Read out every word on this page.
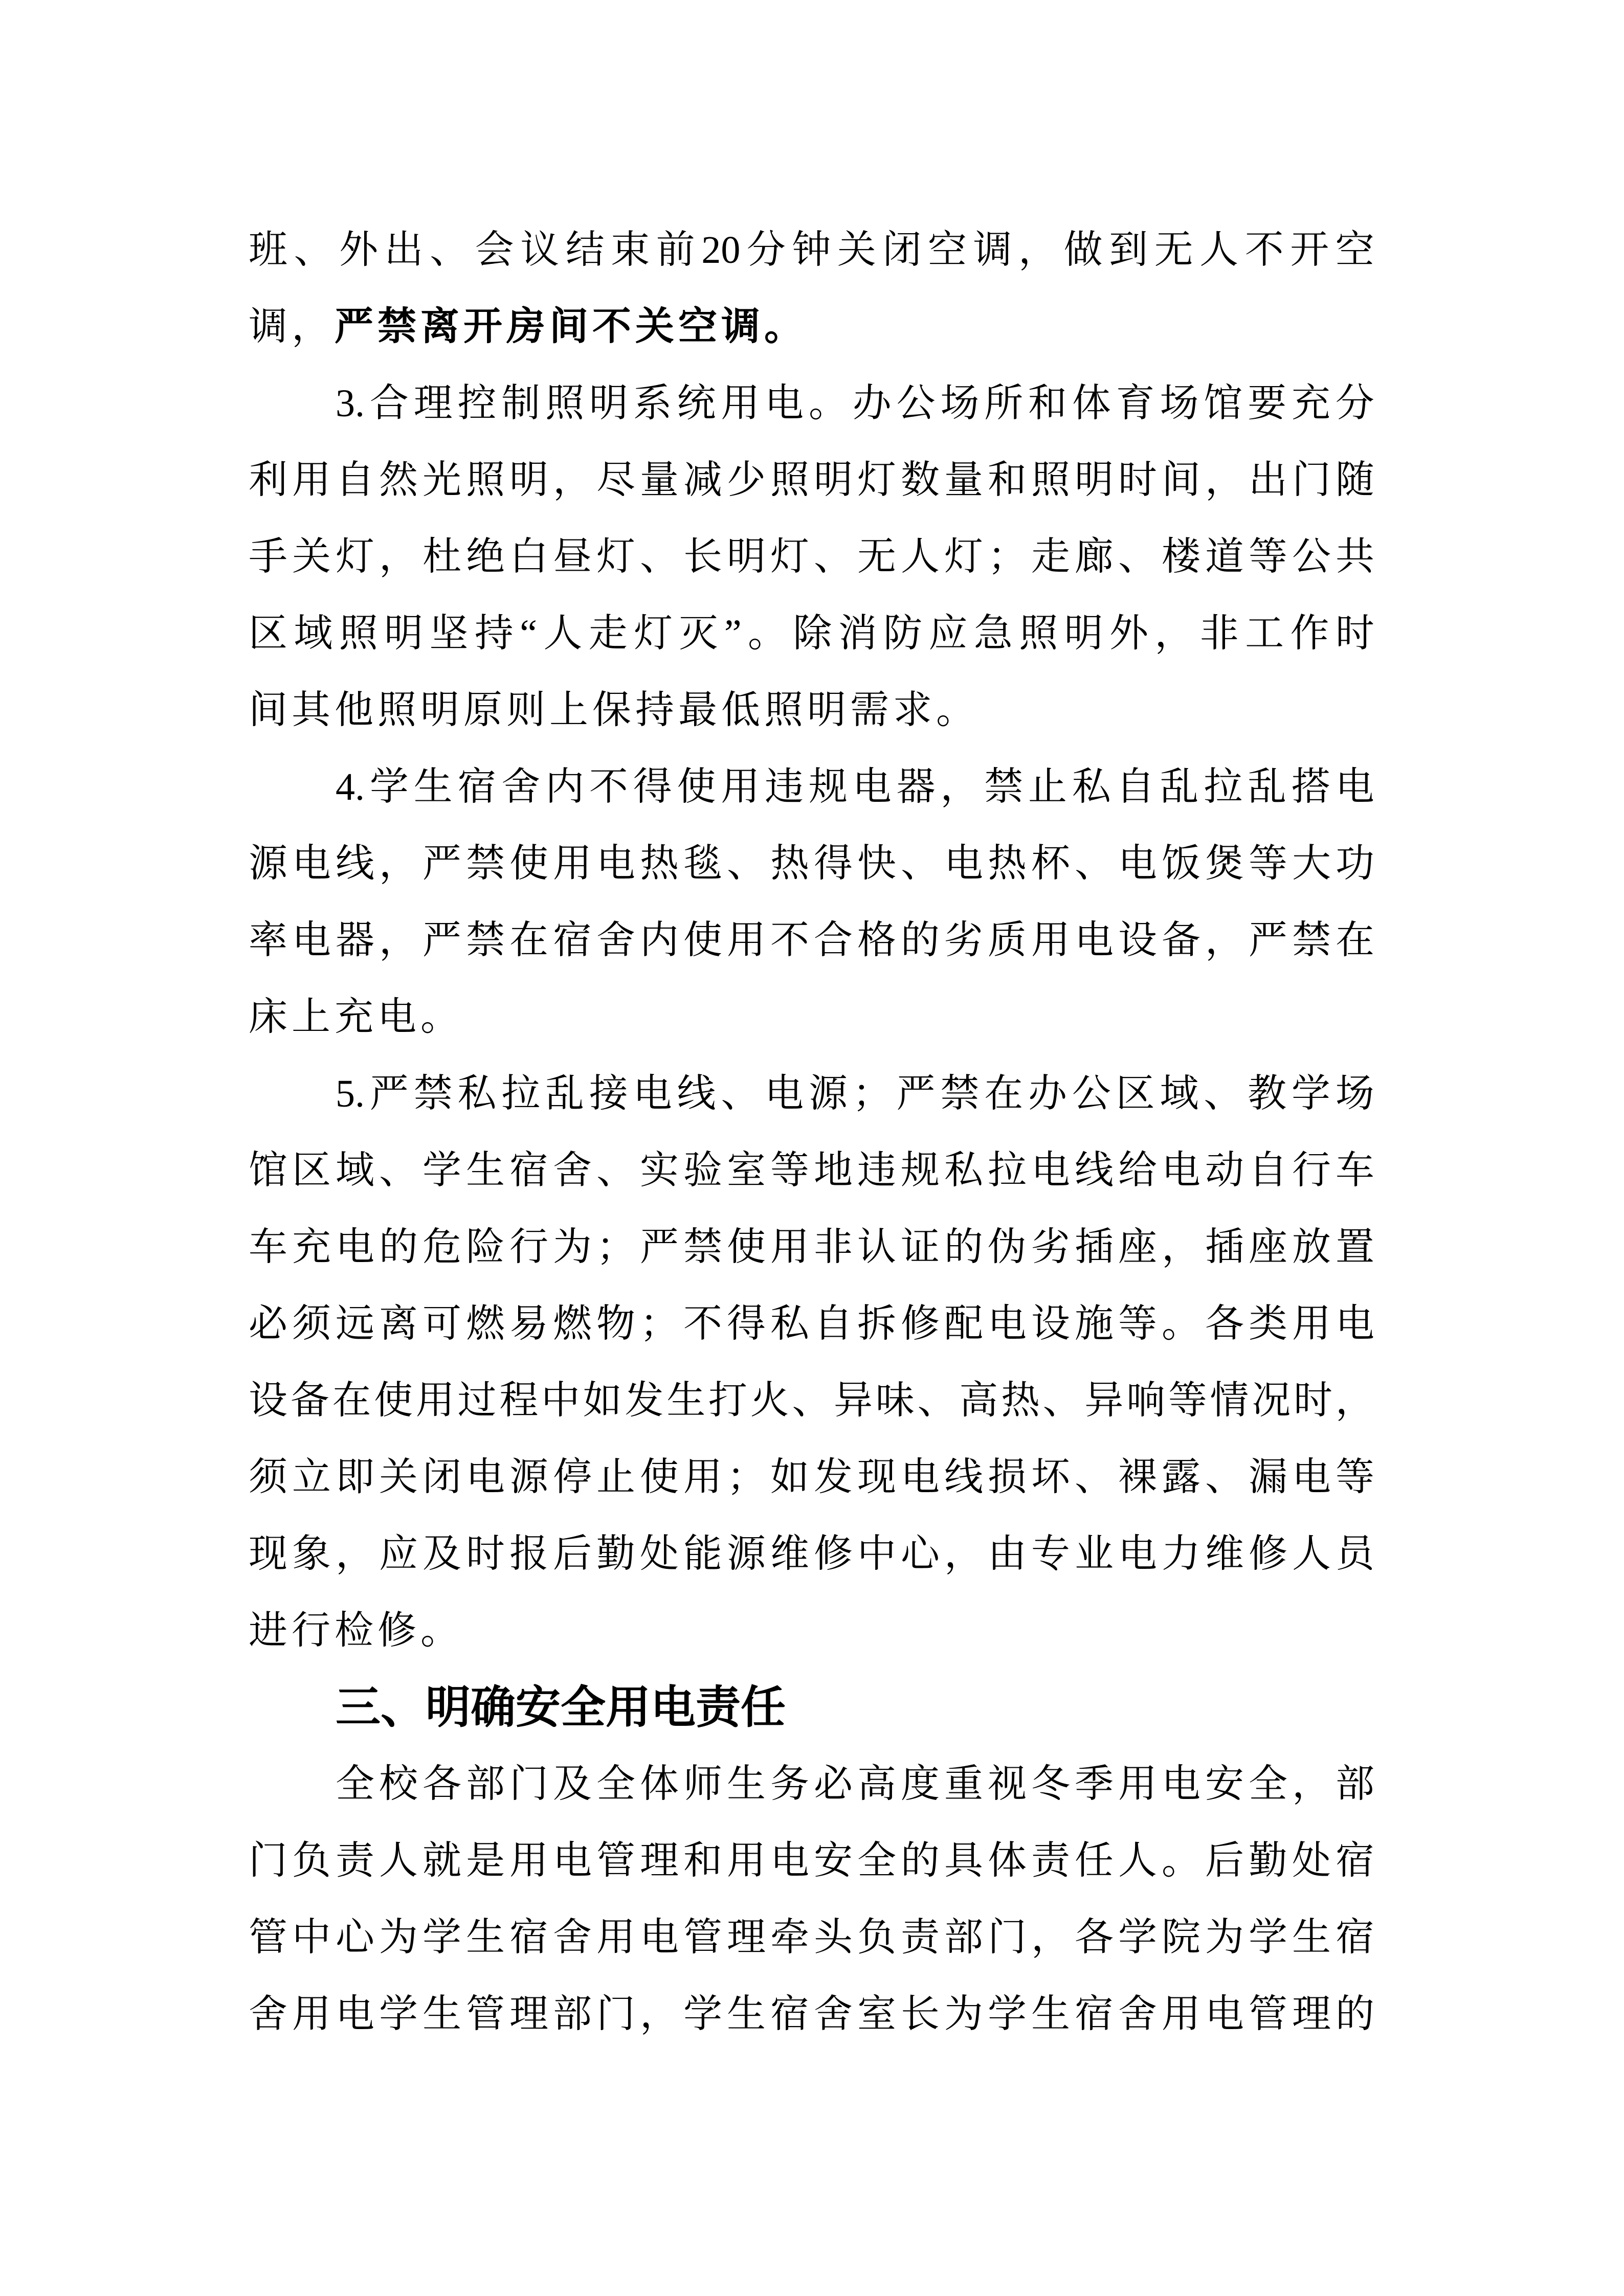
班 、 外 出 、 会 议 结 束 前 20 分 钟 关 闭 空 调 ， 做 到 无 人 不 开 空
调，严禁离开房间不关空调。
3. 合 理 控 制 照 明 系 统 用 电 。 办 公 场 所 和 体 育 场 馆 要 充 分
利 用 自 然 光 照 明 ， 尽 量 减 少 照 明 灯 数 量 和 照 明 时 间 ， 出 门 随
手 关 灯 ， 杜 绝 白 昼 灯 、 长 明 灯 、 无 人 灯 ； 走 廊 、 楼 道 等 公 共
区 域 照 明 坚 持 “ 人 走 灯 灭 ” 。 除 消 防 应 急 照 明 外 ， 非 工 作 时
间其他照明原则上保持最低照明需求。
4. 学 生 宿 舍 内 不 得 使 用 违 规 电 器 ， 禁 止 私 自 乱 拉 乱 搭 电
源 电 线 ， 严 禁 使 用 电 热 毯 、 热 得 快 、 电 热 杯 、 电 饭 煲 等 大 功
率 电 器 ， 严 禁 在 宿 舍 内 使 用 不 合 格 的 劣 质 用 电 设 备 ， 严 禁 在
床上充电。
5. 严 禁 私 拉 乱 接 电 线 、 电 源 ； 严 禁 在 办 公 区 域 、 教 学 场
馆 区 域 、 学 生 宿 舍 、 实 验 室 等 地 违 规 私 拉 电 线 给 电 动 自 行 车
车 充 电 的 危 险 行 为 ； 严 禁 使 用 非 认 证 的 伪 劣 插 座 ， 插 座 放 置
必 须 远 离 可 燃 易 燃 物 ； 不 得 私 自 拆 修 配 电 设 施 等 。 各 类 用 电
设 备 在 使 用 过 程 中 如 发 生 打 火 、 异 味 、 高 热 、 异 响 等 情 况 时 ，
须 立 即 关 闭 电 源 停 止 使 用 ； 如 发 现 电 线 损 坏 、 裸 露 、 漏 电 等
现 象 ， 应 及 时 报 后 勤 处 能 源 维 修 中 心 ， 由 专 业 电 力 维 修 人 员
进行检修。
三、明确安全用电责任
全 校 各 部 门 及 全 体 师 生 务 必 高 度 重 视 冬 季 用 电 安 全 ， 部
门 负 责 人 就 是 用 电 管 理 和 用 电 安 全 的 具 体 责 任 人 。 后 勤 处 宿
管 中 心 为 学 生 宿 舍 用 电 管 理 牵 头 负 责 部 门 ， 各 学 院 为 学 生 宿
舍 用 电 学 生 管 理 部 门 ， 学 生 宿 舍 室 长 为 学 生 宿 舍 用 电 管 理 的
